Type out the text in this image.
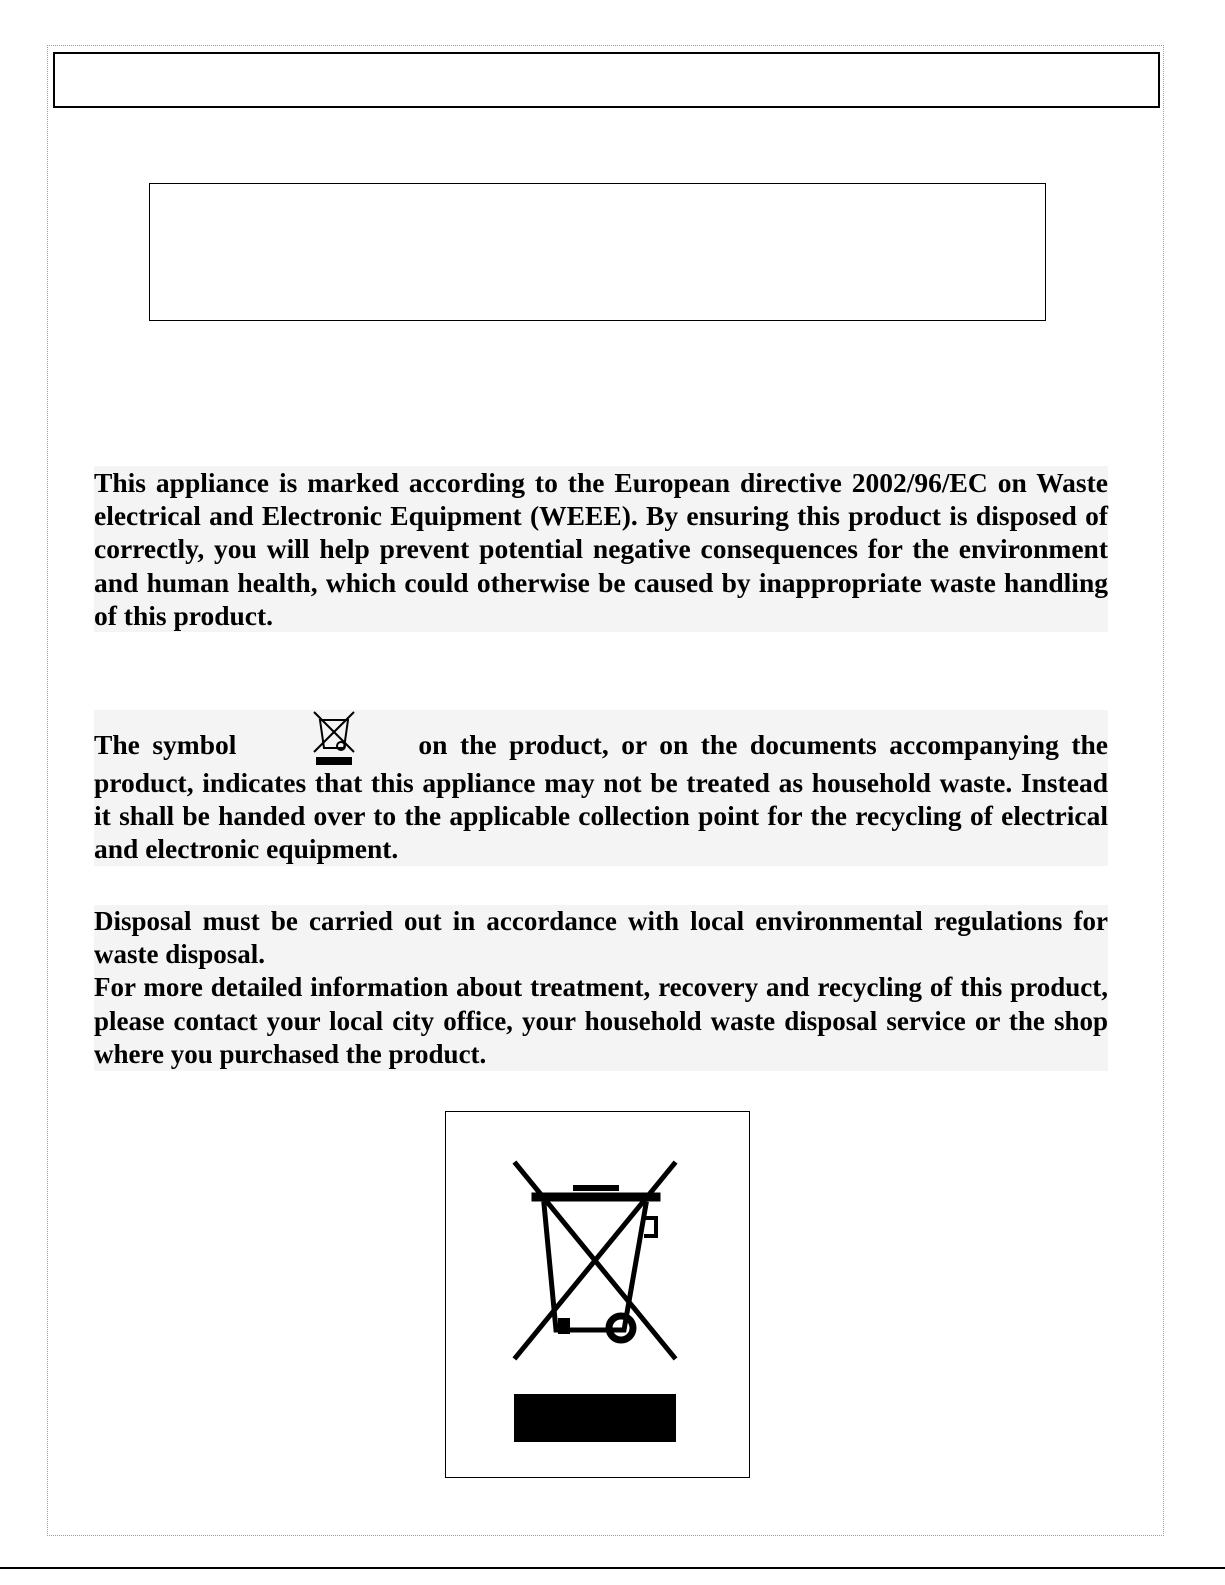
This appliance is marked according to the European directive 2002/96/EC on Waste electrical and Electronic Equipment (WEEE). By ensuring this product is disposed of correctly, you will help prevent potential negative consequences for the environment and human health, which could otherwise be caused by inappropriate waste handling of this product.

The symbol	on the product, or on the documents accompanying the product, indicates that this appliance may not be treated as household waste. Instead it shall be handed over to the applicable collection point for the recycling of electrical and electronic equipment.

Disposal must be carried out in accordance with local environmental regulations for waste disposal.
For more detailed information about treatment, recovery and recycling of this product, please contact your local city office, your household waste disposal service or the shop where you purchased the product.
